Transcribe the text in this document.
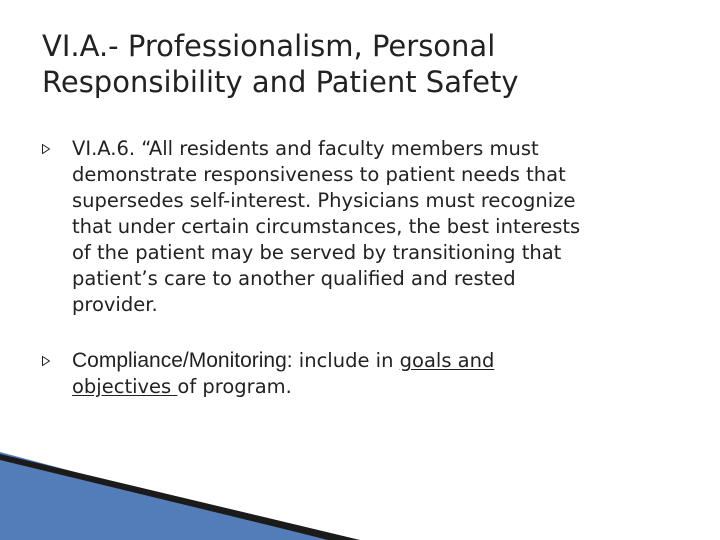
VI.A.- Professionalism, Personal
Responsibility and Patient Safety
VI.A.6. “All residents and faculty members must
demonstrate responsiveness to patient needs that
supersedes self-interest. Physicians must recognize
that under certain circumstances, the best interests
of the patient may be served by transitioning that
patient’s care to another qualified and rested
provider.
Compliance/Monitoring: include in goals and
objectives of program.
